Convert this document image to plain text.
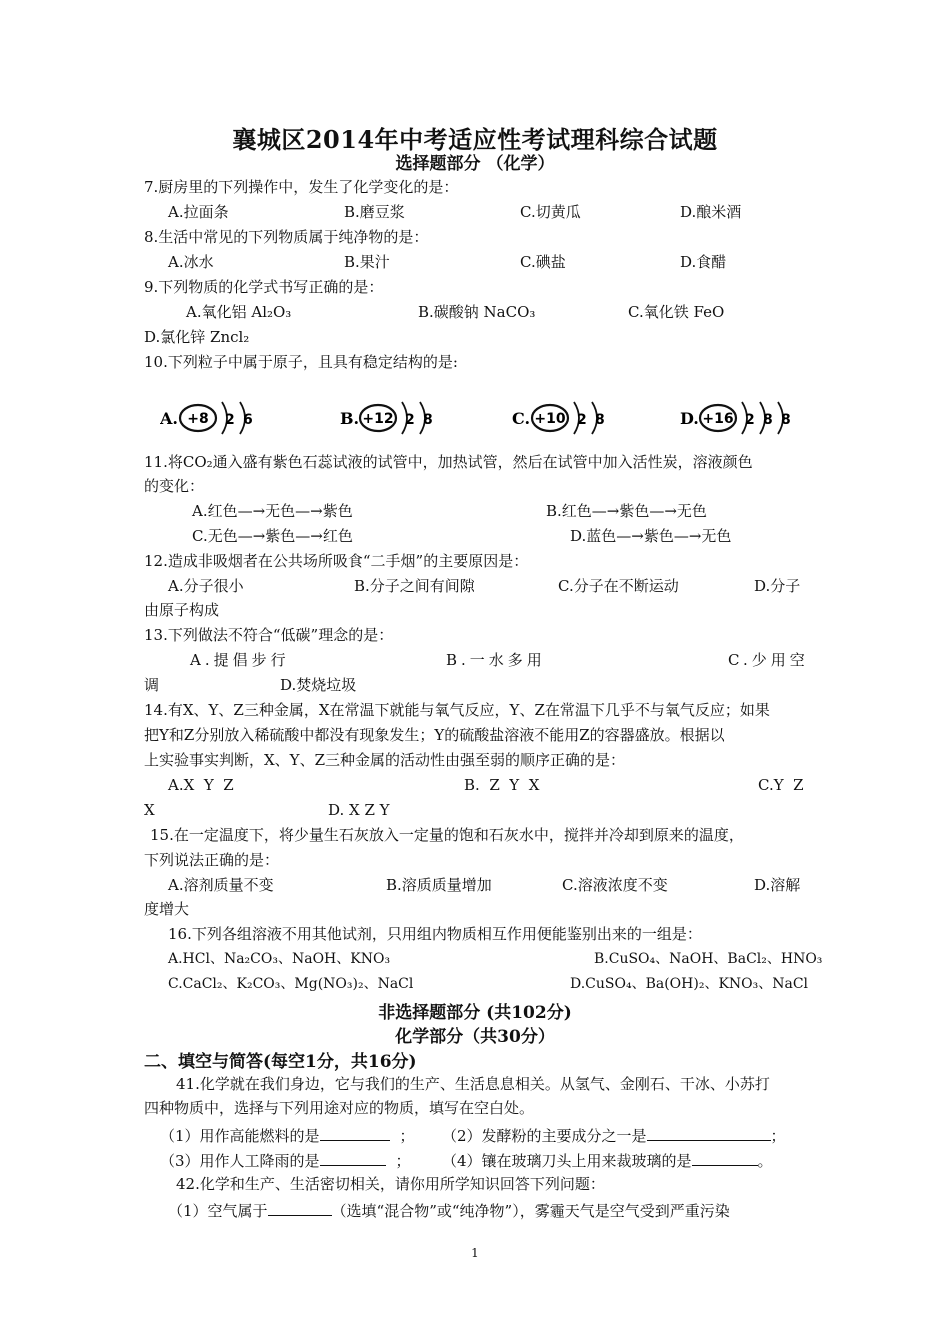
襄城区2014年中考适应性考试理科综合试题
选择题部分 （化学）
7.厨房里的下列操作中，发生了化学变化的是：
A.拉面条	B.磨豆浆	C.切黄瓜	D.酿米酒
8.生活中常见的下列物质属于纯净物的是：
A.冰水	B.果汁	C.碘盐	D.食醋
9.下列物质的化学式书写正确的是：
A.氧化铝 Al₂O₃	B.碳酸钠 NaCO₃	C.氧化铁 FeO
D.氯化锌 Zncl₂
10.下列粒子中属于原子，且具有稳定结构的是:
A. +8 2 6	B. +12 2 8	C. +10 2 8	D. +16 2 8 8
11.将CO₂通入盛有紫色石蕊试液的试管中，加热试管，然后在试管中加入活性炭，溶液颜色
的变化：
A.红色—→无色—→紫色	B.红色—→紫色—→无色
C.无色—→紫色—→红色	D.蓝色—→紫色—→无色
12.造成非吸烟者在公共场所吸食“二手烟”的主要原因是：
A.分子很小	B.分子之间有间隙	C.分子在不断运动	D.分子
由原子构成
13.下列做法不符合“低碳”理念的是：
A.提倡步行	B.一水多用	C.少用空
调	D.焚烧垃圾
14.有X、Y、Z三种金属，X在常温下就能与氧气反应，Y、Z在常温下几乎不与氧气反应；如果
把Y和Z分别放入稀硫酸中都没有现象发生；Y的硫酸盐溶液不能用Z的容器盛放。根据以
上实验事实判断，X、Y、Z三种金属的活动性由强至弱的顺序正确的是：
A.X  Y  Z	B.  Z  Y  X	C.Y  Z
X	D. X Z Y
15.在一定温度下，将少量生石灰放入一定量的饱和石灰水中，搅拌并冷却到原来的温度，
下列说法正确的是：
A.溶剂质量不变	B.溶质质量增加	C.溶液浓度不变	D.溶解
度增大
16.下列各组溶液不用其他试剂，只用组内物质相互作用便能鉴别出来的一组是：
A.HCl、Na₂CO₃、NaOH、KNO₃	B.CuSO₄、NaOH、BaCl₂、HNO₃
C.CaCl₂、K₂CO₃、Mg(NO₃)₂、NaCl	D.CuSO₄、Ba(OH)₂、KNO₃、NaCl
非选择题部分 (共102分)
化学部分（共30分）
二、填空与简答(每空1分，共16分)
41.化学就在我们身边，它与我们的生产、生活息息相关。从氢气、金刚石、干冰、小苏打
四种物质中，选择与下列用途对应的物质，填写在空白处。
（1）用作高能燃料的是	； （2）发酵粉的主要成分之一是	；
（3）用作人工降雨的是	； （4）镶在玻璃刀头上用来裁玻璃的是	。
42.化学和生产、生活密切相关，请你用所学知识回答下列问题：
（1）空气属于	（选填“混合物”或“纯净物”），雾霾天气是空气受到严重污染
1
